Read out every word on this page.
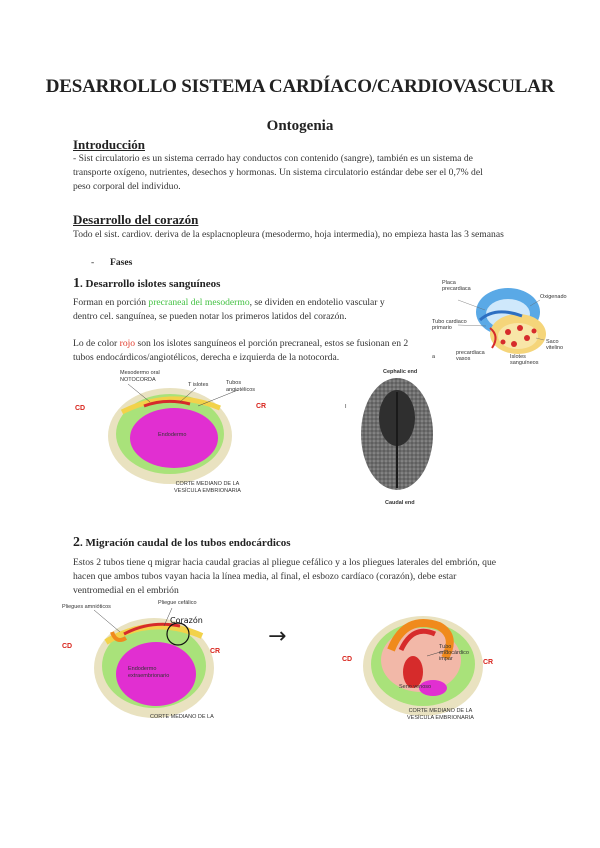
DESARROLLO SISTEMA CARDÍACO/CARDIOVASCULAR
Ontogenia
Introducción
- Sist circulatorio es un sistema cerrado hay conductos con contenido (sangre), también es un sistema de
transporte oxígeno, nutrientes, desechos y hormonas. Un sistema circulatorio estándar debe ser el 0,7% del
peso corporal del individuo.
Desarrollo del corazón
Todo el sist. cardiov. deriva de la esplacnopleura (mesodermo, hoja intermedia), no empieza hasta las 3 semanas
- Fases
1. Desarrollo islotes sanguíneos
Forman en porción precraneal del mesodermo, se dividen en endotelio vascular y
dentro cel. sanguínea, se pueden notar los primeros latidos del corazón.
Lo de color rojo son los islotes sanguíneos el porción precraneal, estos se fusionan en 2
tubos endocárdicos/angiotélicos, derecha e izquierda de la notocorda.
Placa
precardiaca
Tubo cardiaco
primario
Oxigenado
Saco
vitelino
precardiaca
vasos	Islotes
sanguíneos
a
Mesodermo oral
NOTOCORDA
T islotes	Tubos
angiotélicos
Endodermo
CD	CR
CORTE MEDIANO DE LA
VESÍCULA EMBRIONARIA
Cephalic end
Caudal end
I
2. Migración caudal de los tubos endocárdicos
Estos 2 tubos tiene q migrar hacia caudal gracias al pliegue cefálico y a los pliegues laterales del embrión, que
hacen que ambos tubos vayan hacia la línea media, al final, el esbozo cardíaco (corazón), debe estar
ventromedial en el embrión
Pliegues amnióticos
Pliegue cefálico
Corazón
Endodermo
extraembrionario
CD
CR
CORTE MEDIANO DE LA
→	Tubo
endocárdico
impar
Seno venoso
CD	CR
CORTE MEDIANO DE LA
VESÍCULA EMBRIONARIA
